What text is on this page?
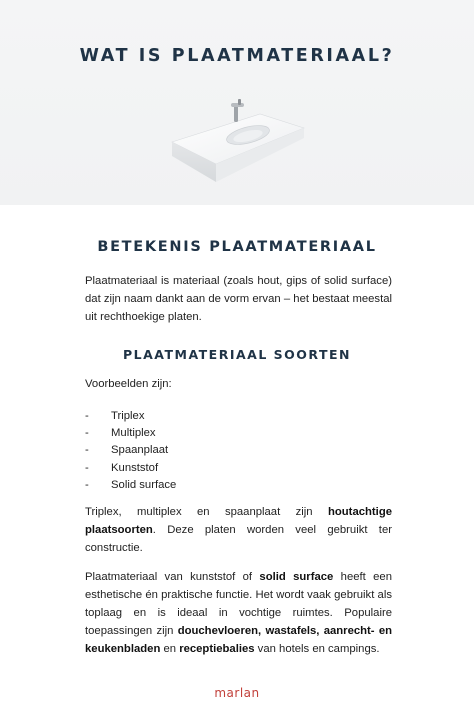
WAT IS PLAATMATERIAAL?
BETEKENIS PLAATMATERIAAL
Plaatmateriaal is materiaal (zoals hout, gips of solid surface) dat zijn naam dankt aan de vorm ervan – het bestaat meestal uit rechthoekige platen.
PLAATMATERIAAL SOORTEN
Voorbeelden zijn:
- Triplex
- Multiplex
- Spaanplaat
- Kunststof
- Solid surface
Triplex, multiplex en spaanplaat zijn houtachtige plaatsoorten. Deze platen worden veel gebruikt ter constructie.
Plaatmateriaal van kunststof of solid surface heeft een esthetische én praktische functie. Het wordt vaak gebruikt als toplaag en is ideaal in vochtige ruimtes. Populaire toepassingen zijn douchevloeren, wastafels, aanrecht- en keukenbladen en receptiebalies van hotels en campings.
marlan
